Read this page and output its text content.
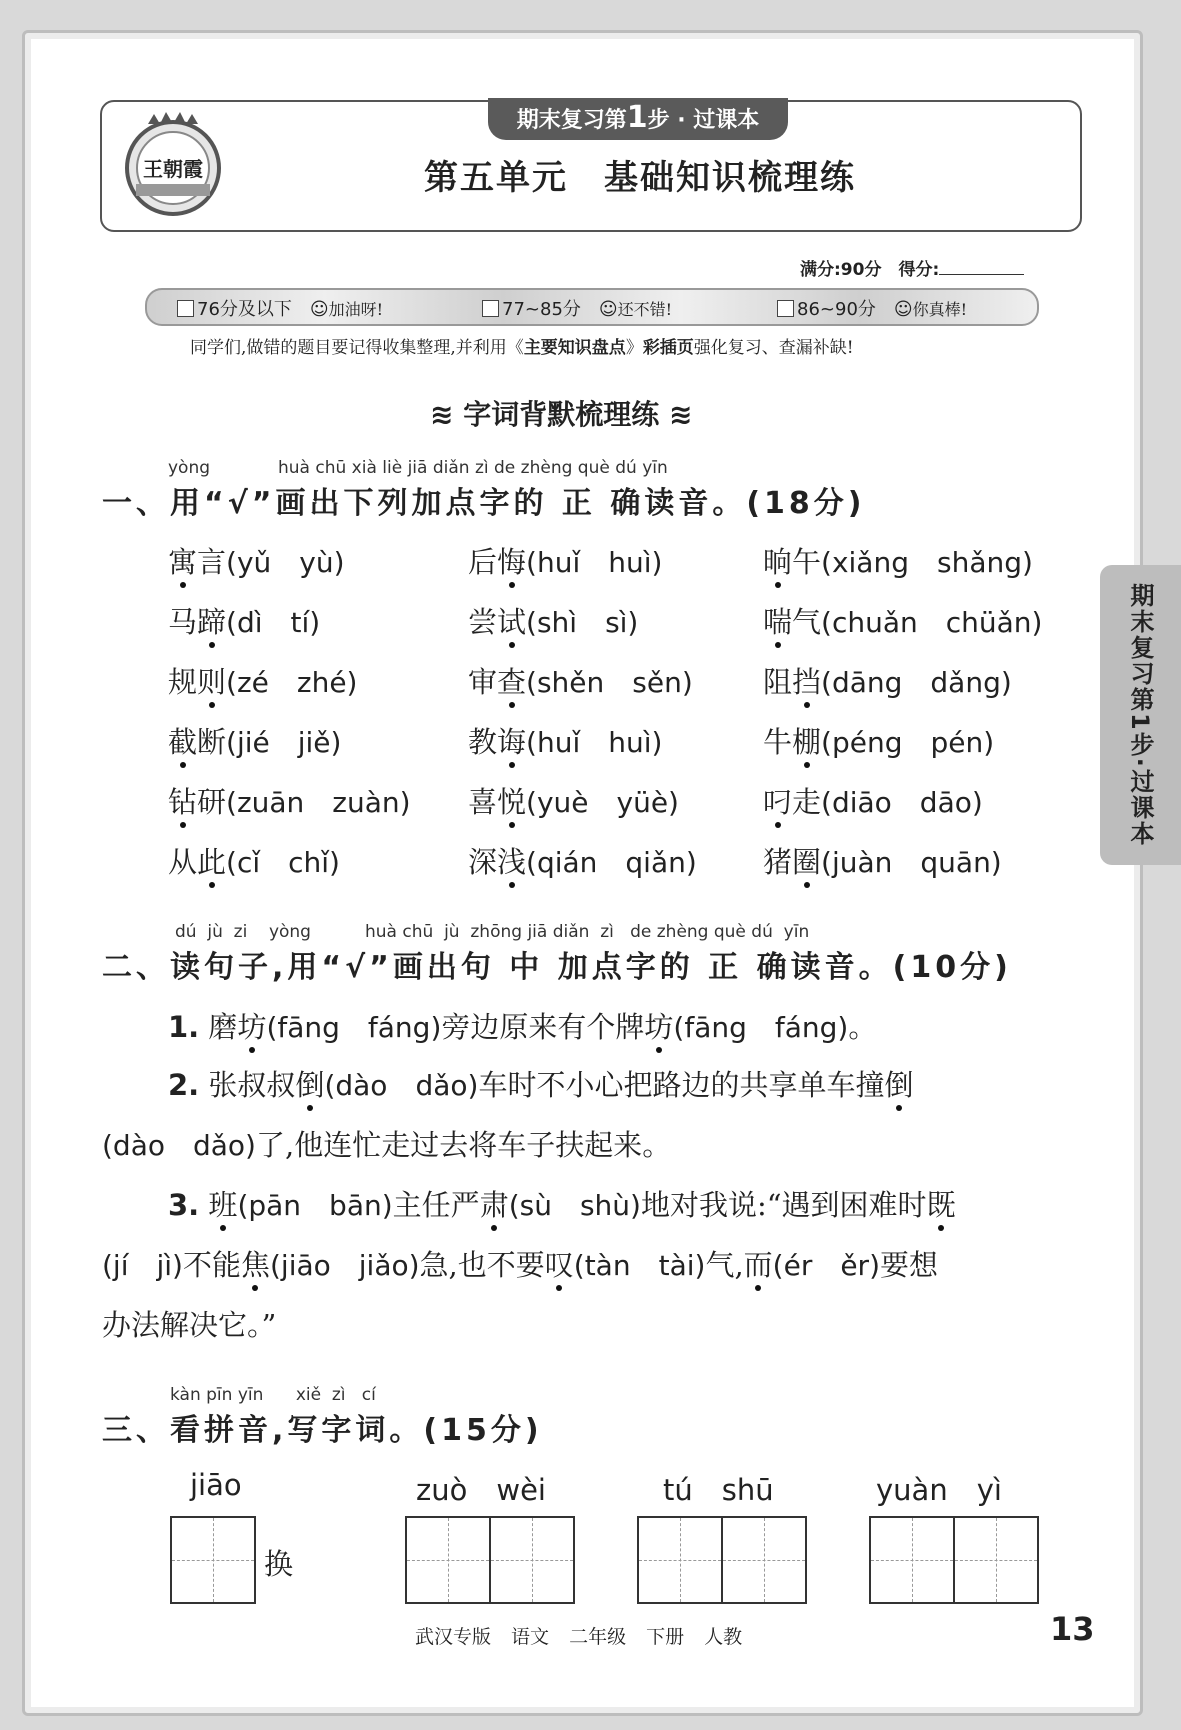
王朝霞
期末复习第1步 · 过课本
第五单元　基础知识梳理练
满分:90分　得分:
76分及以下　 ☺加油呀!	77~85分　 ☺还不错!	86~90分　 ☺你真棒!
同学们,做错的题目要记得收集整理,并利用《主要知识盘点》彩插页强化复习、查漏补缺!
≋ 字词背默梳理练 ≋
yòng	huà chū xià liè jiā diǎn zì de zhèng què dú yīn
一、用“√”画出下列加点字的 正 确读音。(18分)
寓言(yǔ　yù)	后悔(huǐ　huì)	晌午(xiǎng　shǎng)
马蹄(dì　tí)	尝试(shì　sì)	喘气(chuǎn　chüǎn)
规则(zé　zhé)	审查(shěn　sěn) 阻挡(dāng　dǎng)
截断(jié　jiě)	教诲(huǐ　huì)	牛棚(péng　pén)
钻研(zuān　zuàn) 喜悦(yuè　yüè)	叼走(diāo　dāo)
从此(cǐ　chǐ)	深浅(qián　qiǎn) 猪圈(juàn　quān)
dú  jù  zi    yòng          huà chū  jù  zhōng jiā diǎn  zì   de zhèng què dú  yīn
二、读句子,用“√”画出句 中 加点字的 正 确读音。(10分)
1. 磨坊(fāng　fáng)旁边原来有个牌坊(fāng　fáng)。
2. 张叔叔倒(dào　dǎo)车时不小心把路边的共享单车撞倒
(dào　dǎo)了,他连忙走过去将车子扶起来。
3. 班(pān　bān)主任严肃(sù　shù)地对我说:“遇到困难时既
(jí　jì)不能焦(jiāo　jiǎo)急,也不要叹(tàn　tài)气,而(ér　ěr)要想
办法解决它。”
kàn pīn yīn      xiě  zì   cí
三、看拼音,写字词。(15分)
jiāo	zuò　wèi	tú　shū	yuàn　yì
换
期末复习第1步·过课本
武汉专版 语文 二年级 下册 人教	13
